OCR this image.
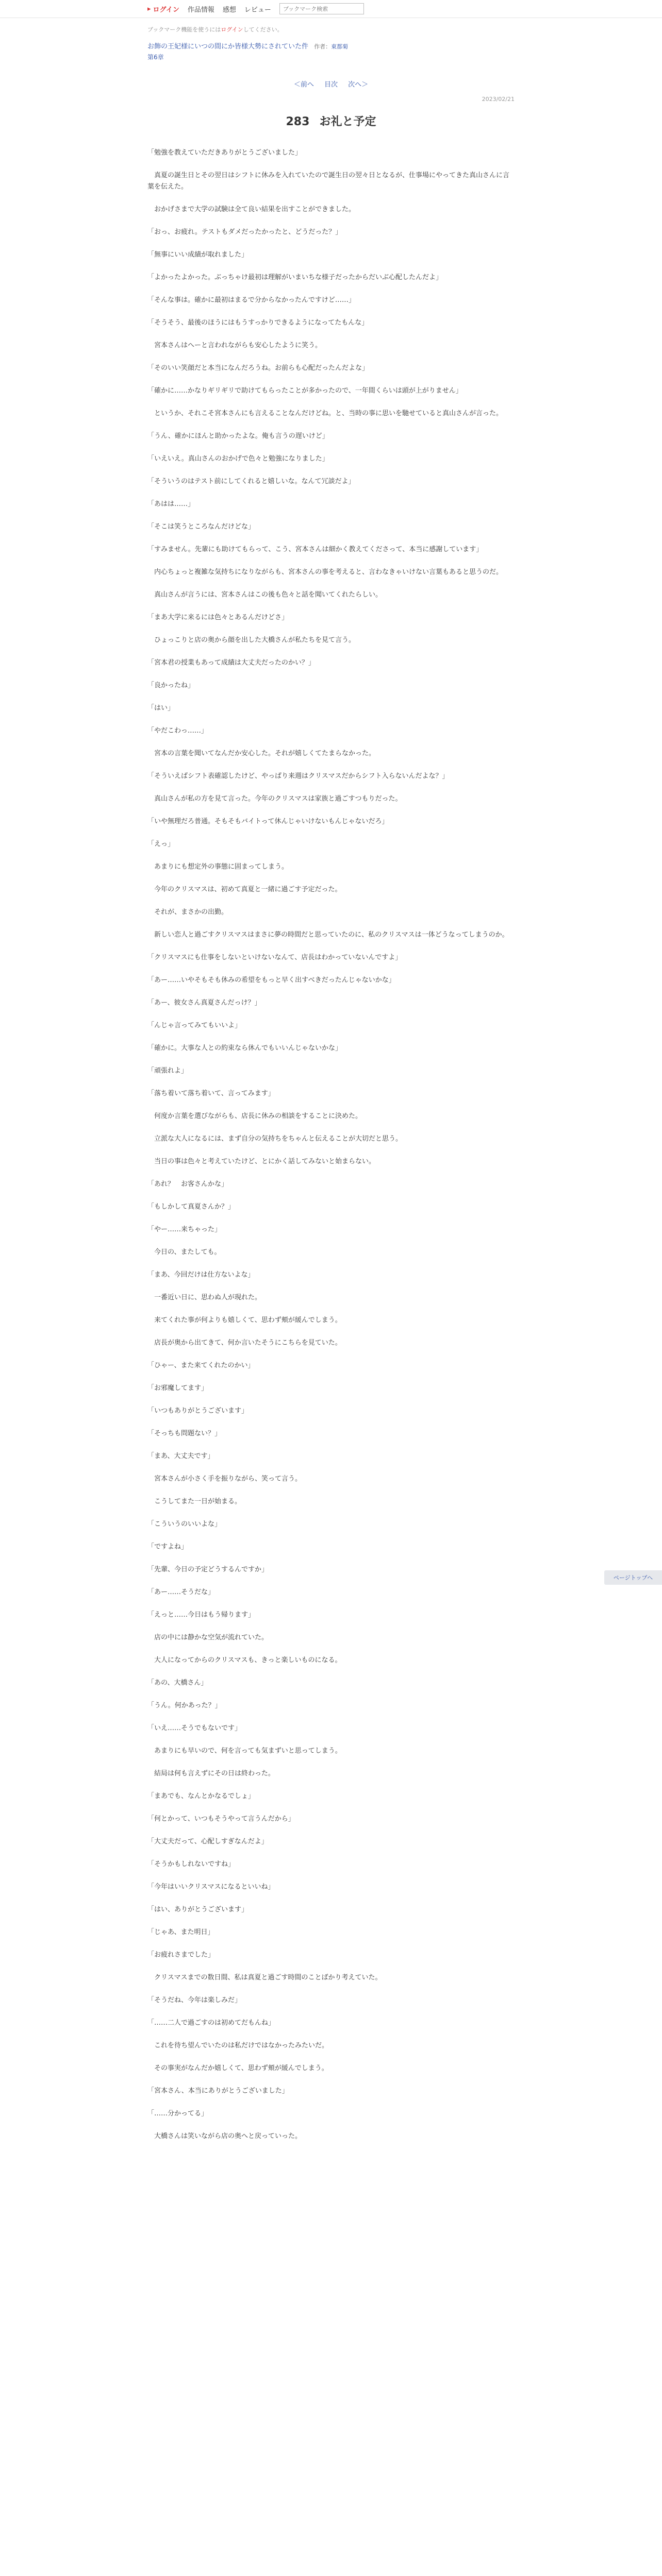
▸ ログイン 作品情報 感想 レビュー
ブックマーク検索
ブックマーク機能を使うにはログインしてください。
お飾の王妃様にいつの間にか皆様大勢にされていた件 作者：東都菊
第6章
＜前へ 目次 次へ＞
2023/02/21
283 お礼と予定

「勉強を教えていただきありがとうございました」

　真夏の誕生日とその翌日はシフトに休みを入れていたので誕生日の翌々日となるが、仕事場にやってきた真山さんに言葉を伝えた。

　おかげさまで大学の試験は全て良い結果を出すことができました。

「おっ、お疲れ。テストもダメだったかったと、どうだった？」

「無事にいい成績が取れました」

「よかったよかった。ぶっちゃけ最初は理解がいまいちな様子だったからだいぶ心配したんだよ」

「そんな事は。確かに最初はまるで分からなかったんですけど……」

「そうそう、最後のほうにはもうすっかりできるようになってたもんな」

　宮本さんはへーと言われながらも安心したように笑う。

「そのいい笑顔だと本当になんだろうね。お前らも心配だったんだよな」

「確かに……かなりギリギリで助けてもらったことが多かったので、一年間くらいは頭が上がりません」

　というか、それこそ宮本さんにも言えることなんだけどね。と、当時の事に思いを馳せていると真山さんが言った。

「うん、確かにほんと助かったよな。俺も言うの遅いけど」

「いえいえ。真山さんのおかげで色々と勉強になりました」

「そういうのはテスト前にしてくれると嬉しいな。なんて冗談だよ」

「あはは……」

「そこは笑うところなんだけどな」

「すみません。先輩にも助けてもらって、こう、宮本さんは細かく教えてくださって、本当に感謝しています」

　内心ちょっと複雑な気持ちになりながらも、宮本さんの事を考えると、言わなきゃいけない言葉もあると思うのだ。

　真山さんが言うには、宮本さんはこの後も色々と話を聞いてくれたらしい。

「まあ大学に来るには色々とあるんだけどさ」

　ひょっこりと店の奥から顔を出した大橋さんが私たちを見て言う。

「宮本君の授業もあって成績は大丈夫だったのかい？」

「良かったね」

「はい」

「やだこわっ……」

　宮本の言葉を聞いてなんだか安心した。それが嬉しくてたまらなかった。

「そういえばシフト表確認したけど、やっぱり来週はクリスマスだからシフト入らないんだよな？」

　真山さんが私の方を見て言った。今年のクリスマスは家族と過ごすつもりだった。

「いや無理だろ普通。そもそもバイトって休んじゃいけないもんじゃないだろ」

「えっ」

　あまりにも想定外の事態に固まってしまう。

　今年のクリスマスは、初めて真夏と一緒に過ごす予定だった。

　それが、まさかの出勤。

　新しい恋人と過ごすクリスマスはまさに夢の時間だと思っていたのに、私のクリスマスは一体どうなってしまうのか。

「クリスマスにも仕事をしないといけないなんて、店長はわかっていないんですよ」

「あー……いやそもそも休みの希望をもっと早く出すべきだったんじゃないかな」

「あー、彼女さん真夏さんだっけ？」

「んじゃ言ってみてもいいよ」

「確かに。大事な人との約束なら休んでもいいんじゃないかな」

「頑張れよ」

「落ち着いて落ち着いて、言ってみます」

　何度か言葉を選びながらも、店長に休みの相談をすることに決めた。

　立派な大人になるには、まず自分の気持ちをちゃんと伝えることが大切だと思う。

　当日の事は色々と考えていたけど、とにかく話してみないと始まらない。

「あれ？　お客さんかな」

「もしかして真夏さんか？」

「やー……来ちゃった」

　今日の、またしても。

「まあ、今回だけは仕方ないよな」

　一番近い日に、思わぬ人が現れた。

　来てくれた事が何よりも嬉しくて、思わず頬が緩んでしまう。

　店長が奥から出てきて、何か言いたそうにこちらを見ていた。

「ひゃー、また来てくれたのかい」

「お邪魔してます」

「いつもありがとうございます」

「そっちも問題ない？」

「まあ、大丈夫です」

　宮本さんが小さく手を振りながら、笑って言う。

　こうしてまた一日が始まる。

「こういうのいいよな」

「ですよね」

「先輩、今日の予定どうするんですか」

「あー……そうだな」

「えっと……今日はもう帰ります」

　店の中には静かな空気が流れていた。

　大人になってからのクリスマスも、きっと楽しいものになる。

「あの、大橋さん」

「うん。何かあった？」

「いえ……そうでもないです」

　あまりにも早いので、何を言っても気まずいと思ってしまう。

　結局は何も言えずにその日は終わった。

「まあでも、なんとかなるでしょ」

「何とかって、いつもそうやって言うんだから」

「大丈夫だって、心配しすぎなんだよ」

「そうかもしれないですね」

「今年はいいクリスマスになるといいね」

「はい、ありがとうございます」

「じゃあ、また明日」

「お疲れさまでした」

　クリスマスまでの数日間、私は真夏と過ごす時間のことばかり考えていた。

「そうだね、今年は楽しみだ」

「……二人で過ごすのは初めてだもんね」

　これを待ち望んでいたのは私だけではなかったみたいだ。

　その事実がなんだか嬉しくて、思わず頬が緩んでしまう。

「宮本さん、本当にありがとうございました」

「……分かってる」

　大橋さんは笑いながら店の奥へと戻っていった。

ページトップへ
